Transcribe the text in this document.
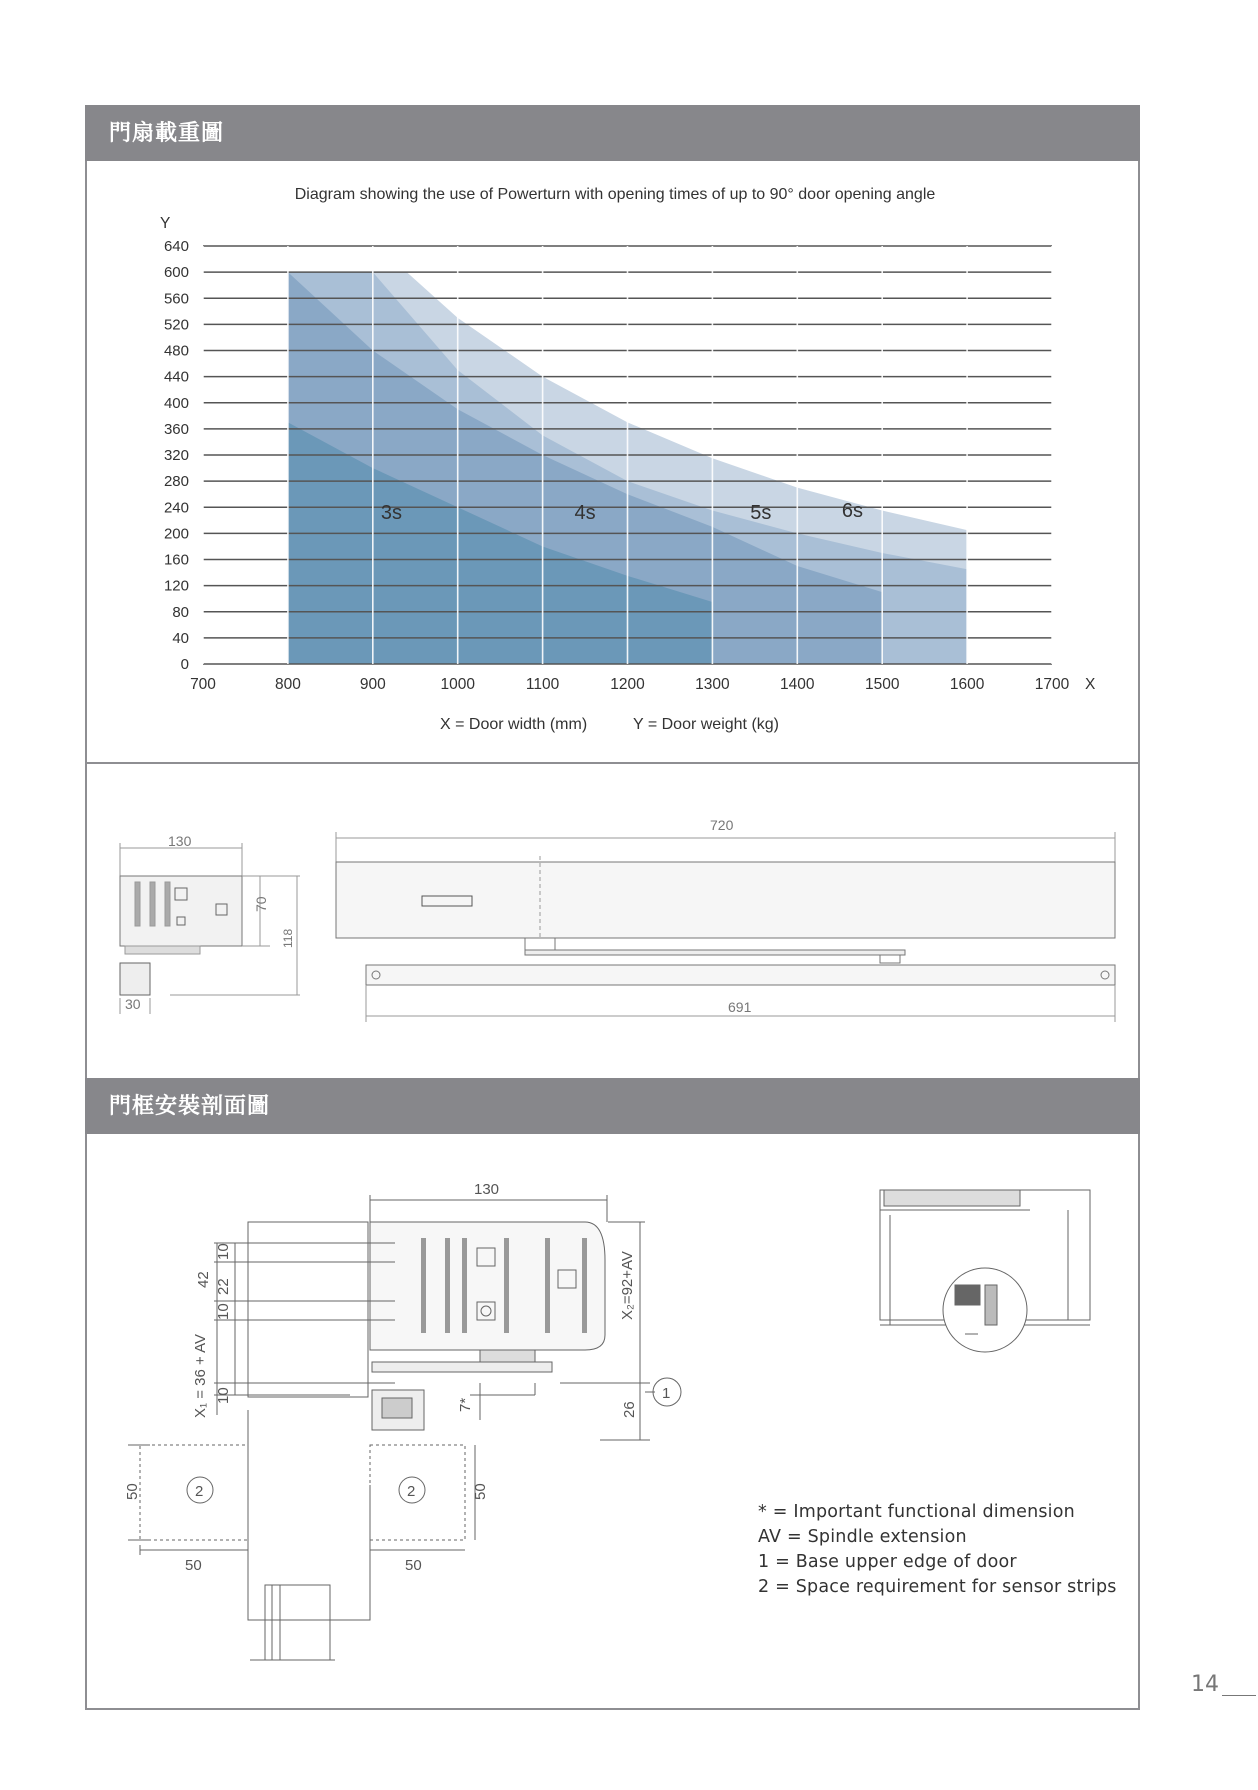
門扇載重圖
Diagram showing the use of Powerturn with opening times of up to 90° door opening angle
0
40
80
120
160
200
240
280
320
360
400
440
480
520
560
600
640
700	800	900	1000	1100	1200	1300	1400	1500	1600	1700
Y
X
6s
5s
4s
3s
X = Door width (mm)	Y = Door weight (kg)
130
70
118
30
720
691
門框安裝剖面圖
130
42
10
22
10
10
X₁ = 36 + AV
X₂=92+AV
7*	26
50
50
50
50
1
2	2
* = Important functional dimension
AV = Spindle extension
1 = Base upper edge of door
2 = Space requirement for sensor strips
14
